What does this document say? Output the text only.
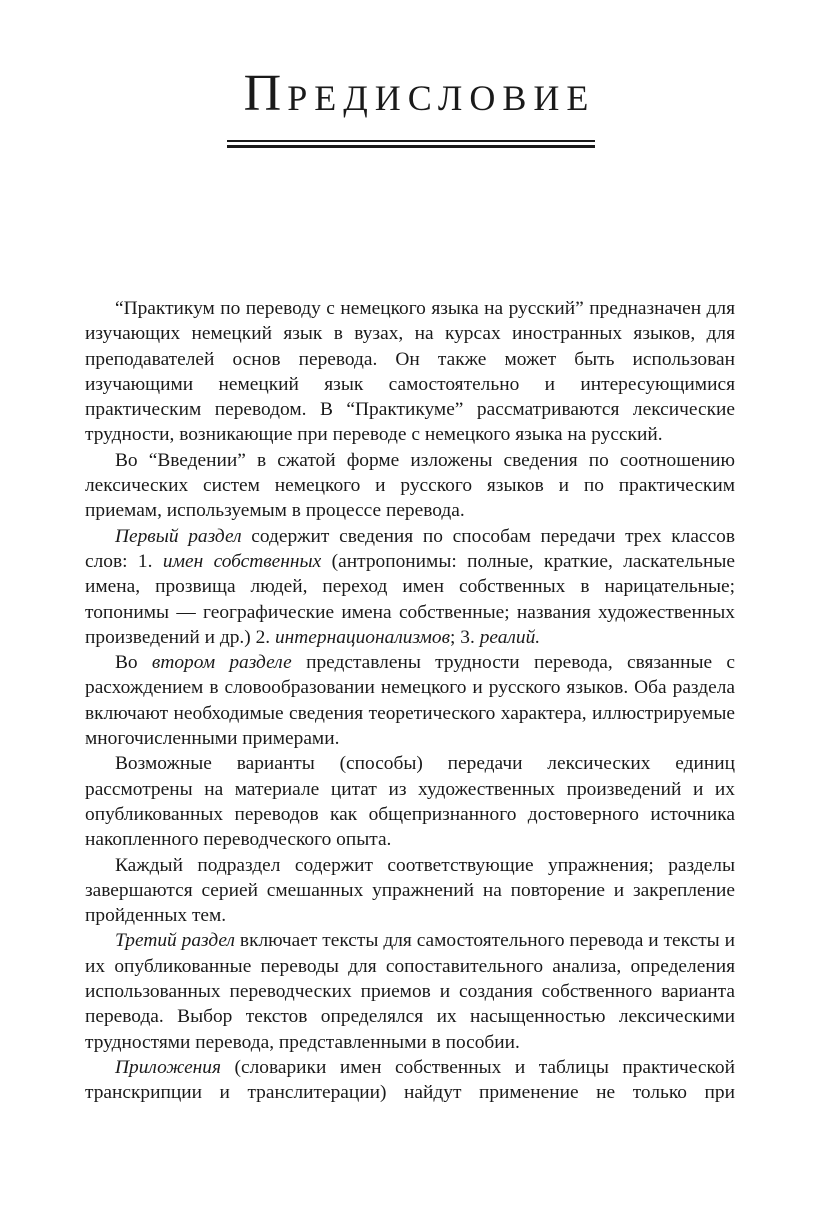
ПРЕДИСЛОВИЕ

“Практикум по переводу с немецкого языка на русский” предназначен для изучающих немецкий язык в вузах, на курсах иностранных языков, для преподавателей основ перевода. Он также может быть использован изучающими немецкий язык самостоятельно и интересующимися практическим переводом. В “Практикуме” рассматриваются лексические трудности, возникающие при переводе с немецкого языка на русский.

Во “Введении” в сжатой форме изложены сведения по соотношению лексических систем немецкого и русского языков и по практическим приемам, используемым в процессе перевода.

Первый раздел содержит сведения по способам передачи трех классов слов: 1. имен собственных (антропонимы: полные, краткие, ласкательные имена, прозвища людей, переход имен собственных в нарицательные; топонимы — географические имена собственные; названия художественных произведений и др.) 2. интернационализмов; 3. реалий.

Во втором разделе представлены трудности перевода, связанные с расхождением в словообразовании немецкого и русского языков. Оба раздела включают необходимые сведения теоретического характера, иллюстрируемые многочисленными примерами.

Возможные варианты (способы) передачи лексических единиц рассмотрены на материале цитат из художественных произведений и их опубликованных переводов как общепризнанного достоверного источника накопленного переводческого опыта.

Каждый подраздел содержит соответствующие упражнения; разделы завершаются серией смешанных упражнений на повторение и закрепление пройденных тем.

Третий раздел включает тексты для самостоятельного перевода и тексты и их опубликованные переводы для сопоставительного анализа, определения использованных переводческих приемов и создания собственного варианта перевода. Выбор текстов определялся их насыщенностью лексическими трудностями перевода, представленными в пособии.

Приложения (словарики имен собственных и таблицы практической транскрипции и транслитерации) найдут применение не только при
